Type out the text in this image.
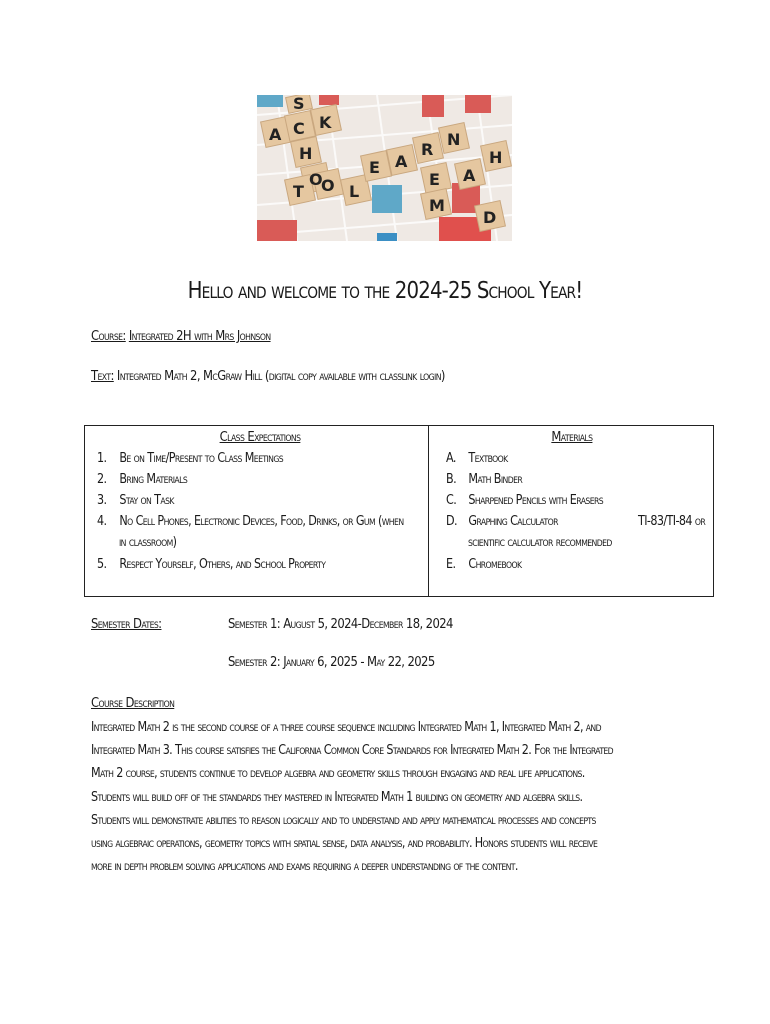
S
A C K
H
O
T O L
E A
R
N
E
M
A
H
D
Hello and welcome to the 2024-25 School Year!
Course: Integrated 2H with Mrs Johnson
Text: Integrated Math 2, McGraw Hill (digital copy available with classlink login)
Class Expectations
1. Be on Time/Present to Class Meetings
2. Bring Materials
3. Stay on Task
4. No Cell Phones, Electronic Devices, Food, Drinks, or Gum (when
in classroom)
5. Respect Yourself, Others, and School Property
Materials
A. Textbook
B. Math Binder
C. Sharpened Pencils with Erasers
D. Graphing Calculator	TI-83/TI-84 or
scientific calculator recommended
E. Chromebook
Semester Dates:	Semester 1: August 5, 2024-December 18, 2024
Semester 2: January 6, 2025 - May 22, 2025
Course Description
Integrated Math 2 is the second course of a three course sequence including Integrated Math 1, Integrated Math 2, and
Integrated Math 3. This course satisfies the California Common Core Standards for Integrated Math 2. For the Integrated
Math 2 course, students continue to develop algebra and geometry skills through engaging and real life applications.
Students will build off of the standards they mastered in Integrated Math 1 building on geometry and algebra skills.
Students will demonstrate abilities to reason logically and to understand and apply mathematical processes and concepts
using algebraic operations, geometry topics with spatial sense, data analysis, and probability. Honors students will receive
more in depth problem solving applications and exams requiring a deeper understanding of the content.
